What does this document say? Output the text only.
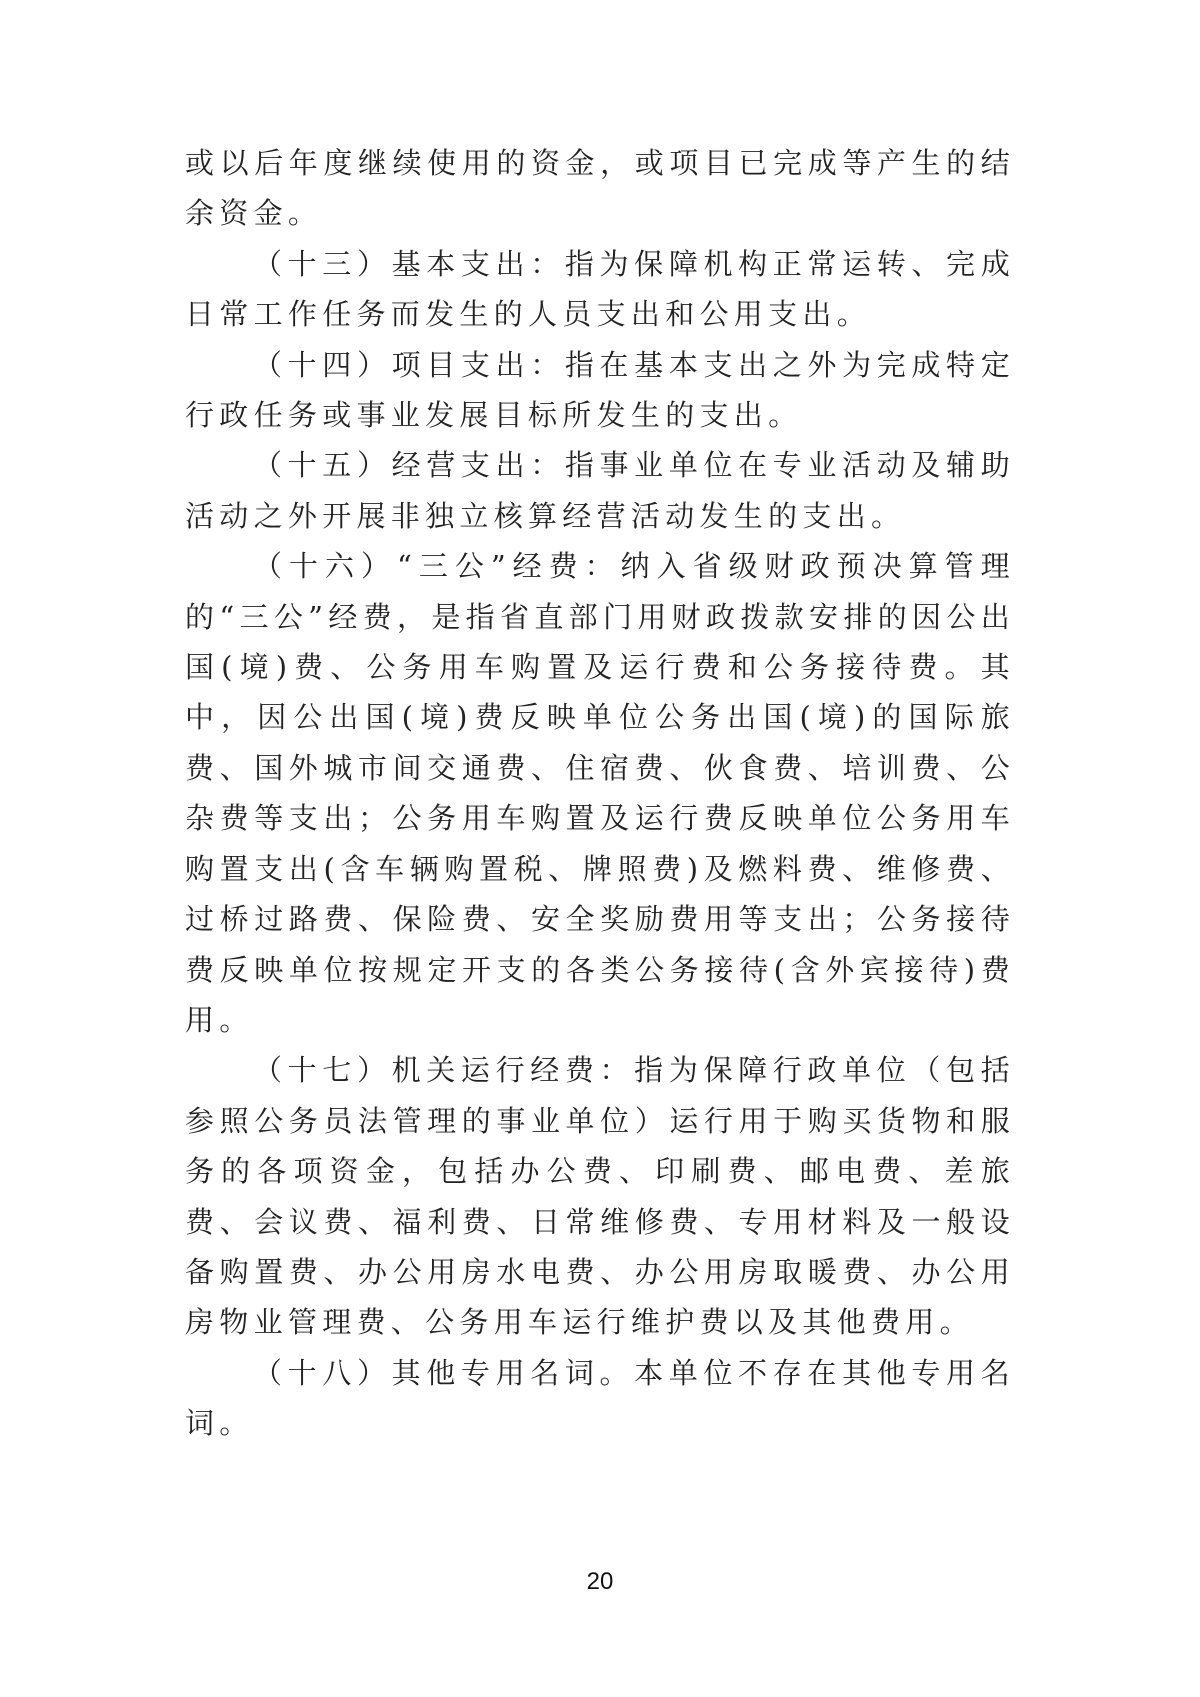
或以后年度继续使用的资金，或项目已完成等产生的结余资金。

（十三）基本支出：指为保障机构正常运转、完成日常工作任务而发生的人员支出和公用支出。

（十四）项目支出：指在基本支出之外为完成特定行政任务或事业发展目标所发生的支出。

（十五）经营支出：指事业单位在专业活动及辅助活动之外开展非独立核算经营活动发生的支出。

（十六）“三公”经费：纳入省级财政预决算管理的“三公”经费，是指省直部门用财政拨款安排的因公出国(境)费、公务用车购置及运行费和公务接待费。其中，因公出国(境)费反映单位公务出国(境)的国际旅费、国外城市间交通费、住宿费、伙食费、培训费、公杂费等支出；公务用车购置及运行费反映单位公务用车购置支出(含车辆购置税、牌照费)及燃料费、维修费、过桥过路费、保险费、安全奖励费用等支出；公务接待费反映单位按规定开支的各类公务接待(含外宾接待)费用。

（十七）机关运行经费：指为保障行政单位（包括参照公务员法管理的事业单位）运行用于购买货物和服务的各项资金，包括办公费、印刷费、邮电费、差旅费、会议费、福利费、日常维修费、专用材料及一般设备购置费、办公用房水电费、办公用房取暖费、办公用房物业管理费、公务用车运行维护费以及其他费用。

（十八）其他专用名词。本单位不存在其他专用名词。

20
